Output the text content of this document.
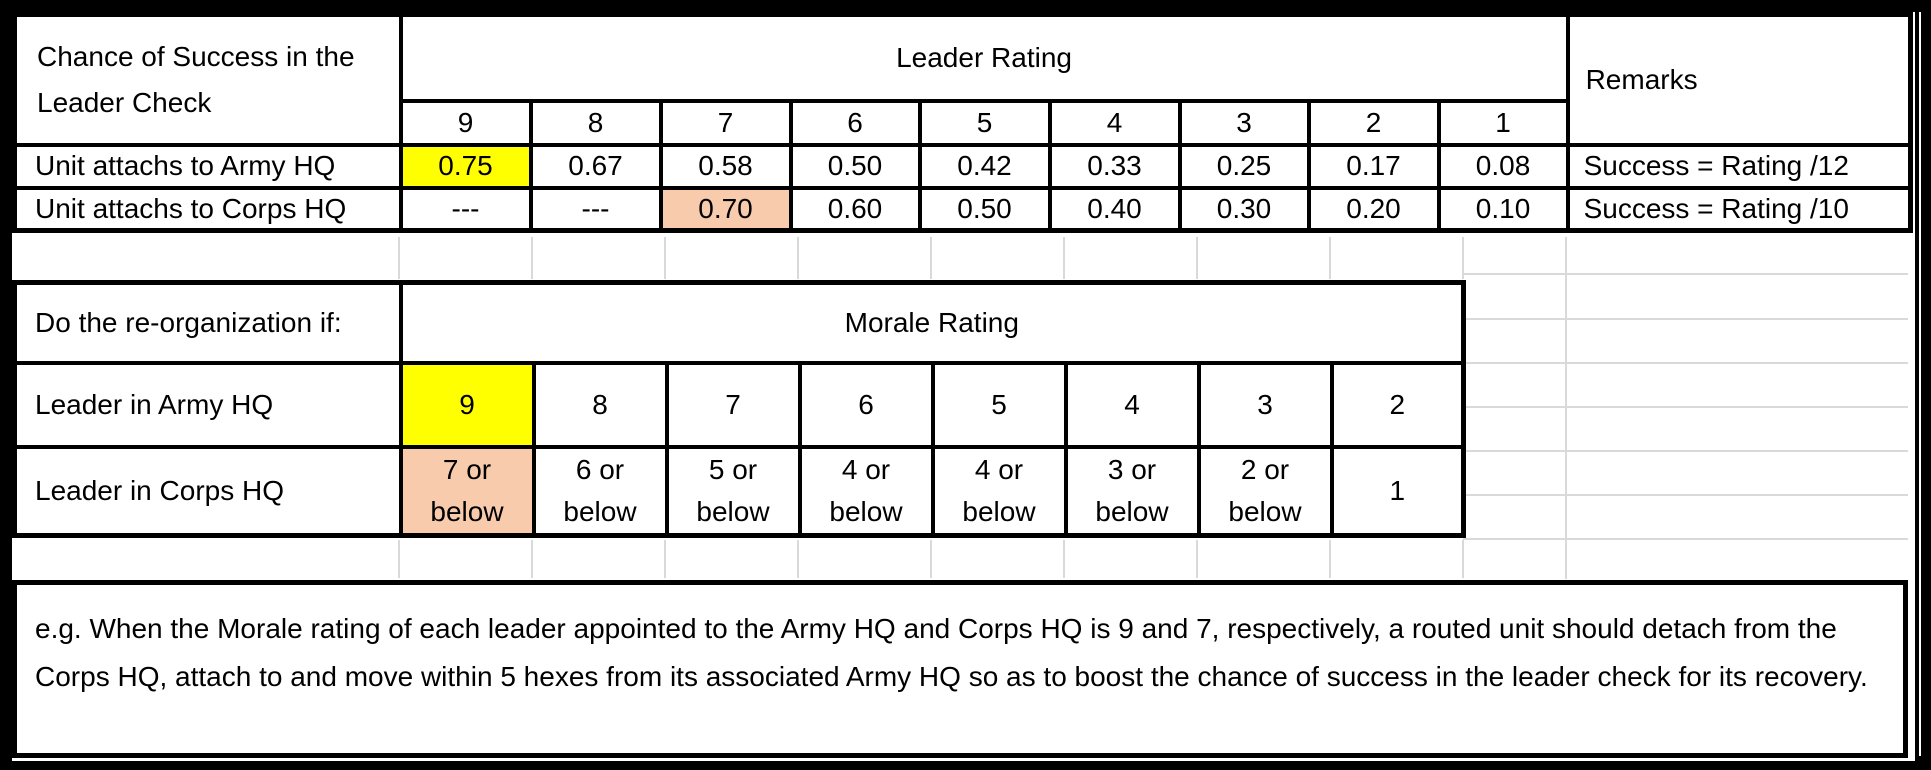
Chance of Success in the Leader Check	Leader Rating									Remarks
	9	8	7	6	5	4	3	2	1	
Unit attachs to Army HQ	0.75	0.67	0.58	0.50	0.42	0.33	0.25	0.17	0.08	Success = Rating /12
Unit attachs to Corps HQ	---	---	0.70	0.60	0.50	0.40	0.30	0.20	0.10	Success = Rating /10
Do the re-organization if:	Morale Rating							
Leader in Army HQ	9	8	7	6	5	4	3	2
Leader in Corps HQ	7 or below	6 or below	5 or below	4 or below	4 or below	3 or below	2 or below	1
e.g. When the Morale rating of each leader appointed to the Army HQ and Corps HQ is 9 and 7, respectively, a routed unit should detach from the Corps HQ, attach to and move within 5 hexes from its associated Army HQ so as to boost the chance of success in the leader check for its recovery.
